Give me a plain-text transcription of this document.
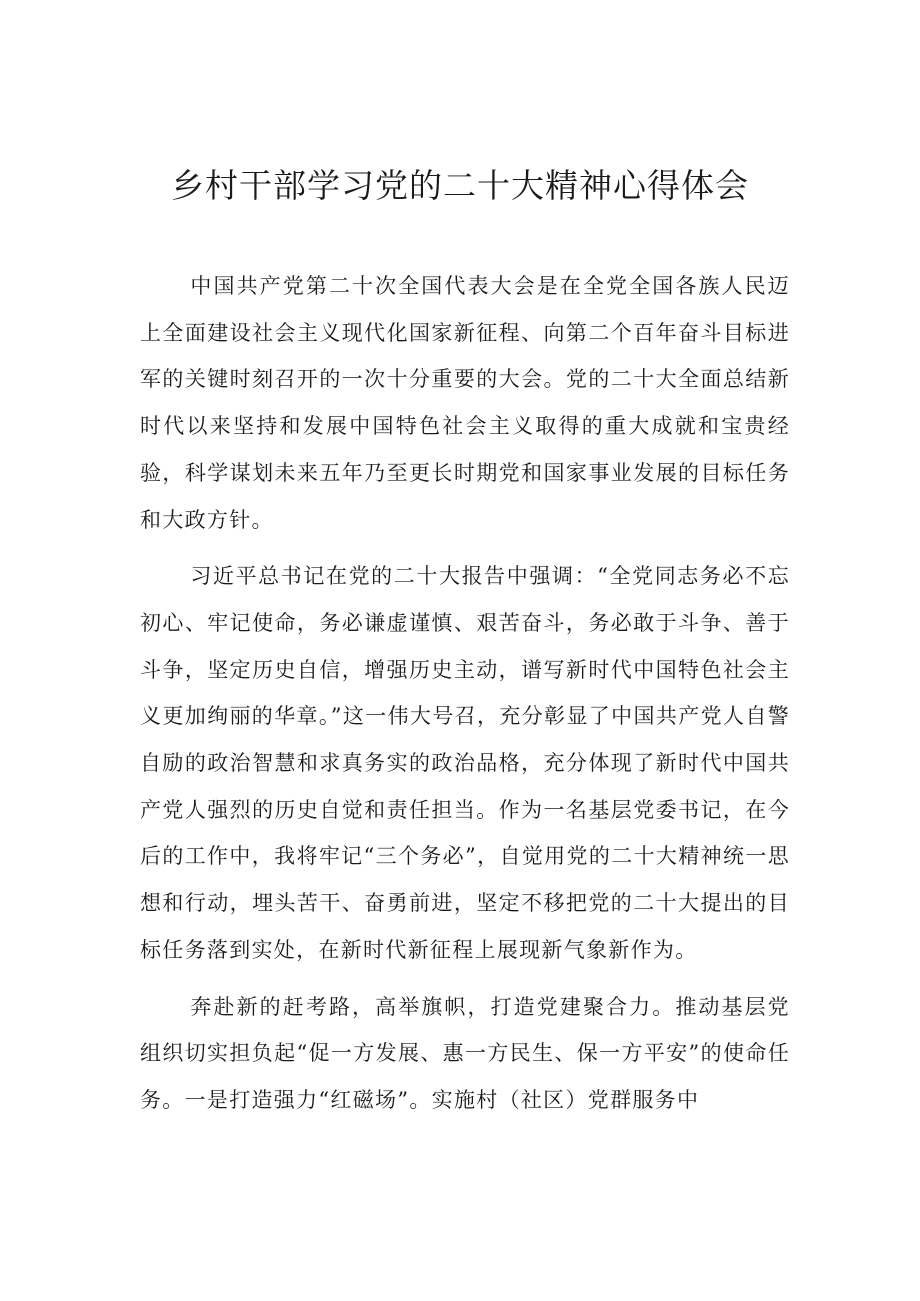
乡村干部学习党的二十大精神心得体会

中国共产党第二十次全国代表大会是在全党全国各族人民迈上全面建设社会主义现代化国家新征程、向第二个百年奋斗目标进军的关键时刻召开的一次十分重要的大会。党的二十大全面总结新时代以来坚持和发展中国特色社会主义取得的重大成就和宝贵经验，科学谋划未来五年乃至更长时期党和国家事业发展的目标任务和大政方针。

习近平总书记在党的二十大报告中强调：“全党同志务必不忘初心、牢记使命，务必谦虚谨慎、艰苦奋斗，务必敢于斗争、善于斗争，坚定历史自信，增强历史主动，谱写新时代中国特色社会主义更加绚丽的华章。”这一伟大号召，充分彰显了中国共产党人自警自励的政治智慧和求真务实的政治品格，充分体现了新时代中国共产党人强烈的历史自觉和责任担当。作为一名基层党委书记，在今后的工作中，我将牢记“三个务必”，自觉用党的二十大精神统一思想和行动，埋头苦干、奋勇前进，坚定不移把党的二十大提出的目标任务落到实处，在新时代新征程上展现新气象新作为。

奔赴新的赶考路，高举旗帜，打造党建聚合力。推动基层党组织切实担负起“促一方发展、惠一方民生、保一方平安”的使命任务。一是打造强力“红磁场”。实施村（社区）党群服务中
